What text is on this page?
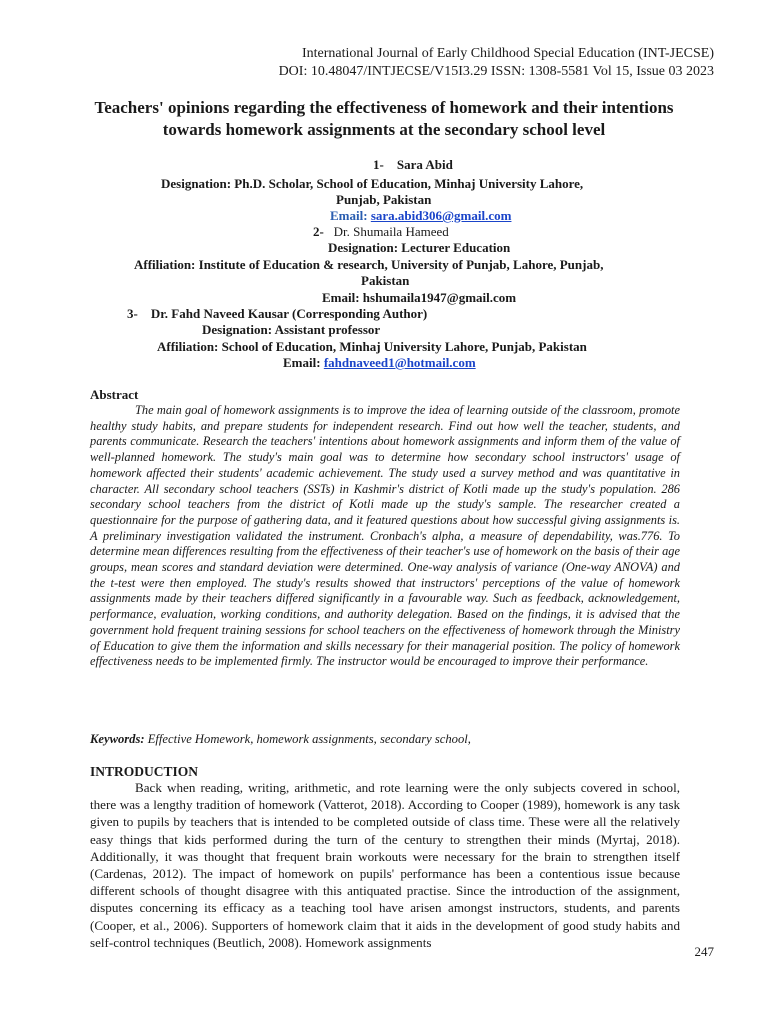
International Journal of Early Childhood Special Education (INT-JECSE)
DOI: 10.48047/INTJECSE/V15I3.29 ISSN: 1308-5581 Vol 15, Issue 03 2023
Teachers' opinions regarding the effectiveness of homework and their intentions towards homework assignments at the secondary school level
1- Sara Abid
Designation: Ph.D. Scholar, School of Education, Minhaj University Lahore,
Punjab, Pakistan
Email: sara.abid306@gmail.com
2- Dr. Shumaila Hameed
Designation: Lecturer Education
Affiliation: Institute of Education & research, University of Punjab, Lahore, Punjab,
Pakistan
Email: hshumaila1947@gmail.com
3- Dr. Fahd Naveed Kausar (Corresponding Author)
Designation: Assistant professor
Affiliation: School of Education, Minhaj University Lahore, Punjab, Pakistan
Email: fahdnaveed1@hotmail.com
Abstract

The main goal of homework assignments is to improve the idea of learning outside of the classroom, promote healthy study habits, and prepare students for independent research. Find out how well the teacher, students, and parents communicate. Research the teachers' intentions about homework assignments and inform them of the value of well-planned homework. The study's main goal was to determine how secondary school instructors' usage of homework affected their students' academic achievement. The study used a survey method and was quantitative in character. All secondary school teachers (SSTs) in Kashmir's district of Kotli made up the study's population. 286 secondary school teachers from the district of Kotli made up the study's sample. The researcher created a questionnaire for the purpose of gathering data, and it featured questions about how successful giving assignments is. A preliminary investigation validated the instrument. Cronbach's alpha, a measure of dependability, was.776. To determine mean differences resulting from the effectiveness of their teacher's use of homework on the basis of their age groups, mean scores and standard deviation were determined. One-way analysis of variance (One-way ANOVA) and the t-test were then employed. The study's results showed that instructors' perceptions of the value of homework assignments made by their teachers differed significantly in a favourable way. Such as feedback, acknowledgement, performance, evaluation, working conditions, and authority delegation. Based on the findings, it is advised that the government hold frequent training sessions for school teachers on the effectiveness of homework through the Ministry of Education to give them the information and skills necessary for their managerial position. The policy of homework effectiveness needs to be implemented firmly. The instructor would be encouraged to improve their performance.

Keywords: Effective Homework, homework assignments, secondary school,
INTRODUCTION

Back when reading, writing, arithmetic, and rote learning were the only subjects covered in school, there was a lengthy tradition of homework (Vatterot, 2018). According to Cooper (1989), homework is any task given to pupils by teachers that is intended to be completed outside of class time. These were all the relatively easy things that kids performed during the turn of the century to strengthen their minds (Myrtaj, 2018). Additionally, it was thought that frequent brain workouts were necessary for the brain to strengthen itself (Cardenas, 2012). The impact of homework on pupils' performance has been a contentious issue because different schools of thought disagree with this antiquated practise. Since the introduction of the assignment, disputes concerning its efficacy as a teaching tool have arisen amongst instructors, students, and parents (Cooper, et al., 2006). Supporters of homework claim that it aids in the development of good study habits and self-control techniques (Beutlich, 2008). Homework assignments

247
